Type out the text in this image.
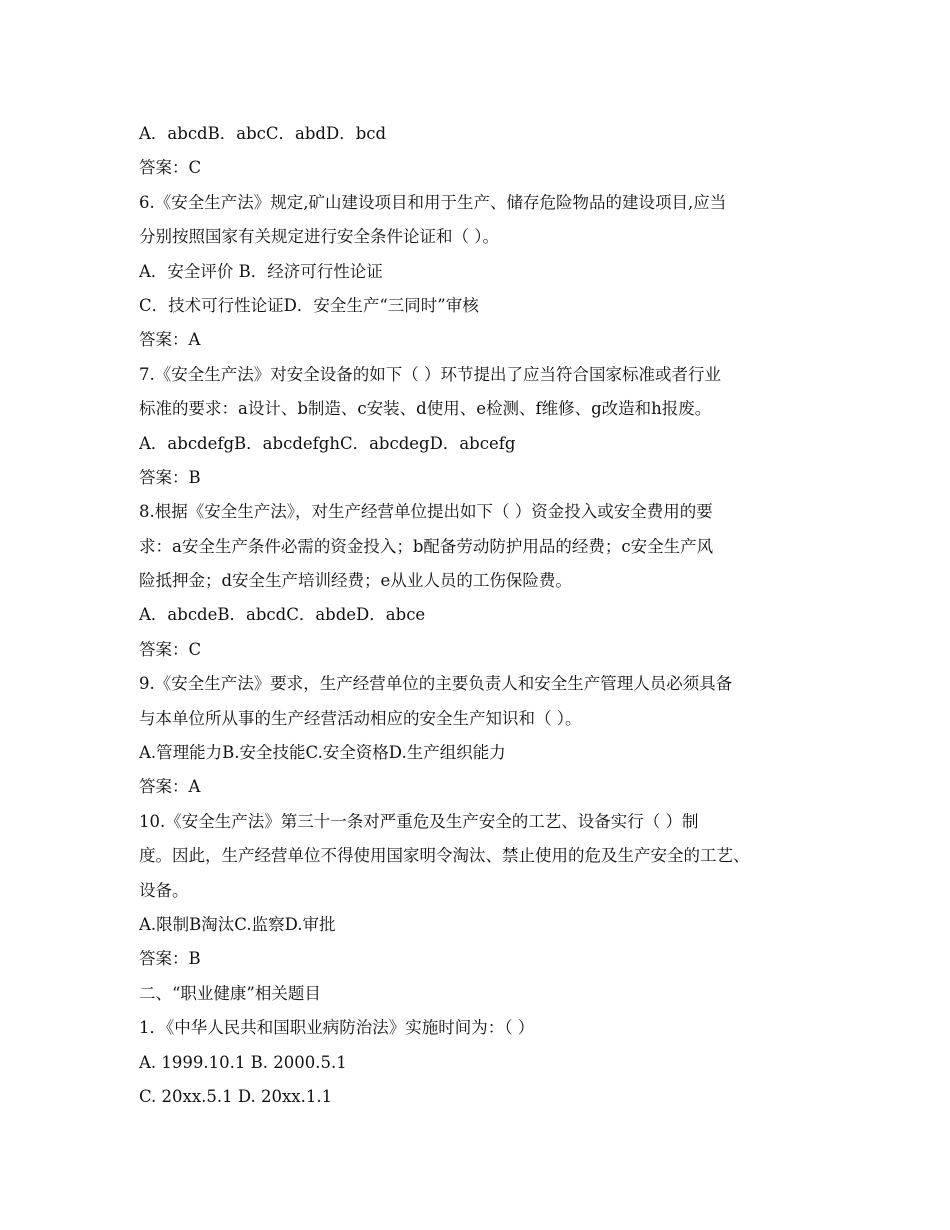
A．abcdB．abcC．abdD．bcd
答案：C
6.《安全生产法》规定,矿山建设项目和用于生产、储存危险物品的建设项目,应当
分别按照国家有关规定进行安全条件论证和（ ）。
A．安全评价 B．经济可行性论证
C．技术可行性论证D．安全生产“三同时”审核
答案：A
7.《安全生产法》对安全设备的如下（ ）环节提出了应当符合国家标准或者行业
标准的要求：a设计、b制造、c安装、d使用、e检测、f维修、g改造和h报废。
A．abcdefgB．abcdefghC．abcdegD．abcefg
答案：B
8.根据《安全生产法》，对生产经营单位提出如下（ ）资金投入或安全费用的要
求：a安全生产条件必需的资金投入；b配备劳动防护用品的经费；c安全生产风
险抵押金；d安全生产培训经费；e从业人员的工伤保险费。
A．abcdeB．abcdC．abdeD．abce
答案：C
9.《安全生产法》要求，生产经营单位的主要负责人和安全生产管理人员必须具备
与本单位所从事的生产经营活动相应的安全生产知识和（ ）。
A.管理能力B.安全技能C.安全资格D.生产组织能力
答案：A
10.《安全生产法》第三十一条对严重危及生产安全的工艺、设备实行（ ）制
度。因此，生产经营单位不得使用国家明令淘汰、禁止使用的危及生产安全的工艺、
设备。
A.限制B淘汰C.监察D.审批
答案：B
二、“职业健康”相关题目
1．《中华人民共和国职业病防治法》实施时间为：（ ）
A. 1999.10.1 B. 2000.5.1
C. 20xx.5.1 D. 20xx.1.1
